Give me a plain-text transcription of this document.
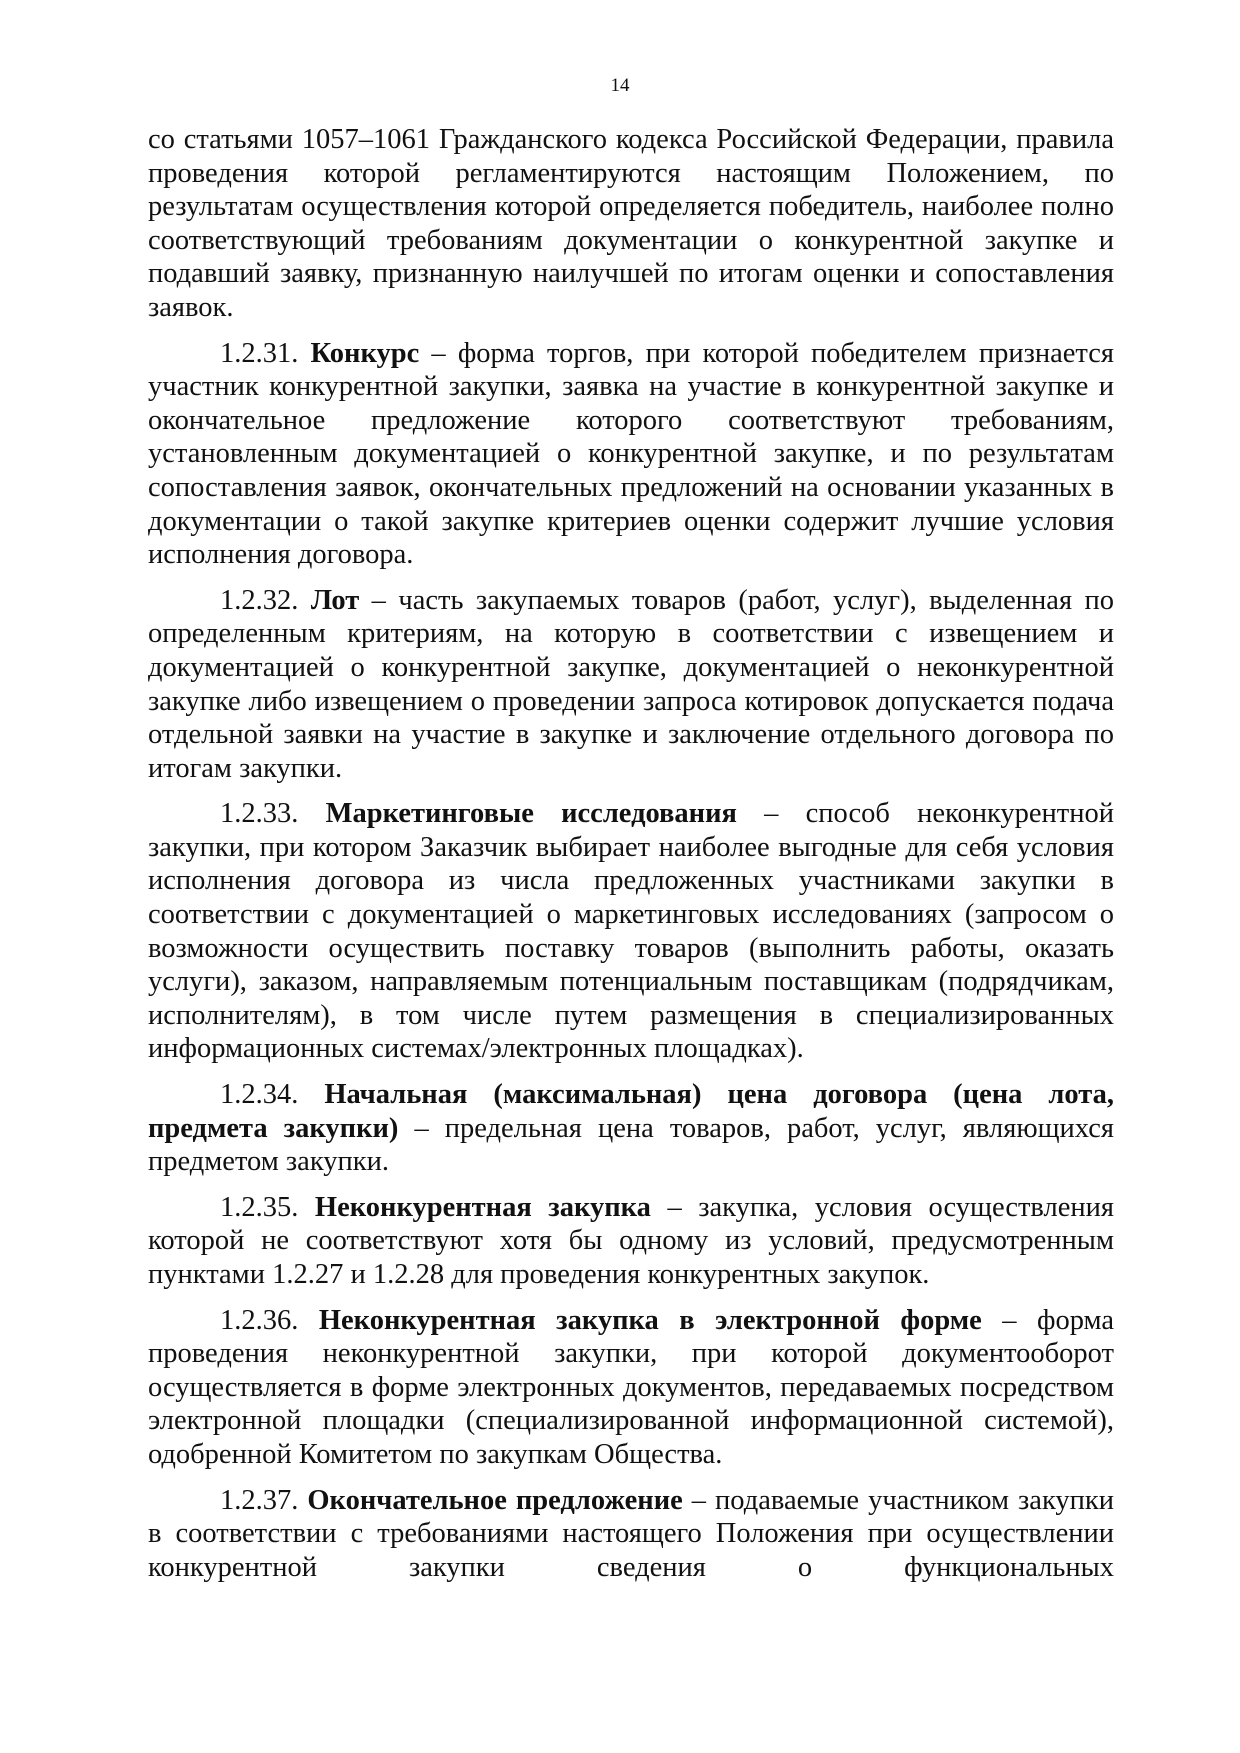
14

со статьями 1057–1061 Гражданского кодекса Российской Федерации, правила проведения которой регламентируются настоящим Положением, по результатам осуществления которой определяется победитель, наиболее полно соответствующий требованиям документации о конкурентной закупке и подавший заявку, признанную наилучшей по итогам оценки и сопоставления заявок.

1.2.31. Конкурс – форма торгов, при которой победителем признается участник конкурентной закупки, заявка на участие в конкурентной закупке и окончательное предложение которого соответствуют требованиям, установленным документацией о конкурентной закупке, и по результатам сопоставления заявок, окончательных предложений на основании указанных в документации о такой закупке критериев оценки содержит лучшие условия исполнения договора.

1.2.32. Лот – часть закупаемых товаров (работ, услуг), выделенная по определенным критериям, на которую в соответствии с извещением и документацией о конкурентной закупке, документацией о неконкурентной закупке либо извещением о проведении запроса котировок допускается подача отдельной заявки на участие в закупке и заключение отдельного договора по итогам закупки.

1.2.33. Маркетинговые исследования – способ неконкурентной закупки, при котором Заказчик выбирает наиболее выгодные для себя условия исполнения договора из числа предложенных участниками закупки в соответствии с документацией о маркетинговых исследованиях (запросом о возможности осуществить поставку товаров (выполнить работы, оказать услуги), заказом, направляемым потенциальным поставщикам (подрядчикам, исполнителям), в том числе путем размещения в специализированных информационных системах/электронных площадках).

1.2.34. Начальная (максимальная) цена договора (цена лота, предмета закупки) – предельная цена товаров, работ, услуг, являющихся предметом закупки.

1.2.35. Неконкурентная закупка – закупка, условия осуществления которой не соответствуют хотя бы одному из условий, предусмотренным пунктами 1.2.27 и 1.2.28 для проведения конкурентных закупок.

1.2.36. Неконкурентная закупка в электронной форме – форма проведения неконкурентной закупки, при которой документооборот осуществляется в форме электронных документов, передаваемых посредством электронной площадки (специализированной информационной системой), одобренной Комитетом по закупкам Общества.

1.2.37. Окончательное предложение – подаваемые участником закупки в соответствии с требованиями настоящего Положения при осуществлении конкурентной закупки сведения о функциональных
